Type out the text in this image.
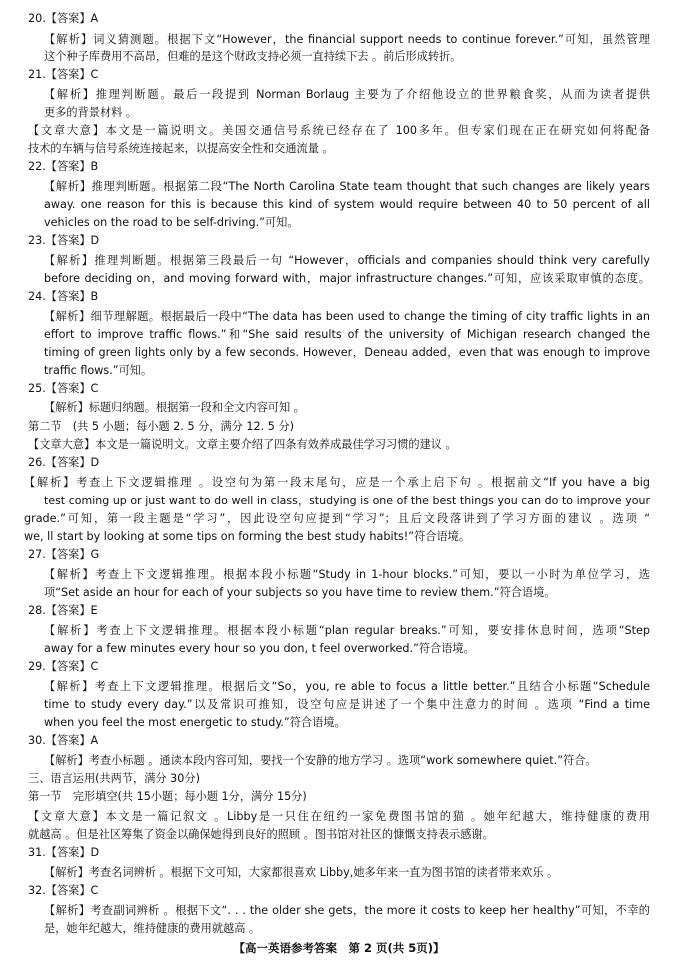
20.【答案】A
【解析】词义猜测题。根据下文“However，the financial support needs to continue forever.”可知，虽然管理
这个种子库费用不高昂，但难的是这个财政支持必须一直持续下去 。前后形成转折。
21.【答案】C
【解析】推理判断题。最后一段提到 Norman Borlaug 主要为了介绍他设立的世界粮食奖，从而为读者提供
更多的背景材料 。
【文章大意】本文是一篇说明文。美国交通信号系统已经存在了 100多年。但专家们现在正在研究如何将配备
技术的车辆与信号系统连接起来，以提高安全性和交通流量 。
22.【答案】B
【解析】推理判断题。根据第二段“The North Carolina State team thought that such changes are likely years
away. one reason for this is because this kind of system would require between 40 to 50 percent of all
vehicles on the road to be self-driving.”可知。
23.【答案】D
【解析】推理判断题。根据第三段最后一句 “However，officials and companies should think very carefully
before deciding on，and moving forward with，major infrastructure changes.”可知，应该采取审慎的态度。
24.【答案】B
【解析】细节理解题。根据最后一段中“The data has been used to change the timing of city traffic lights in an
effort to improve traffic flows.”和“She said results of the university of Michigan research changed the
timing of green lights only by a few seconds. However，Deneau added，even that was enough to improve
traffic flows.”可知。
25.【答案】C
【解析】标题归纳题。根据第一段和全文内容可知 。
第二节　(共 5 小题；每小题 2. 5 分，满分 12. 5 分)
【文章大意】本文是一篇说明文。文章主要介绍了四条有效养成最佳学习习惯的建议 。
26.【答案】D
【解析】考查上下文逻辑推理 。设空句为第一段末尾句，应是一个承上启下句 。根据前文“If you have a big
test coming up or just want to do well in class，studying is one of the best things you can do to improve your
grade.”可知，第一段主题是“学习”，因此设空句应提到“学习”；且后文段落讲到了学习方面的建议 。选项 “
we, ll start by looking at some tips on forming the best study habits!”符合语境。
27.【答案】G
【解析】考查上下文逻辑推理。根据本段小标题“Study in 1-hour blocks.”可知，要以一小时为单位学习，选
项“Set aside an hour for each of your subjects so you have time to review them.”符合语境。
28.【答案】E
【解析】考查上下文逻辑推理。根据本段小标题“plan regular breaks.”可知，要安排休息时间，选项“Step
away for a few minutes every hour so you don, t feel overworked.”符合语境。
29.【答案】C
【解析】考查上下文逻辑推理。根据后文“So，you, re able to focus a little better.”且结合小标题“Schedule
time to study every day.”以及常识可推知，设空句应是讲述了一个集中注意力的时间 。选项 “Find a time
when you feel the most energetic to study.”符合语境。
30.【答案】A
【解析】考查小标题 。通读本段内容可知，要找一个安静的地方学习 。选项“work somewhere quiet.”符合。
三、语言运用(共两节，满分 30分)
第一节　完形填空(共 15小题；每小题 1分，满分 15分)
【文章大意】本文是一篇记叙文 。Libby是一只住在纽约一家免费图书馆的猫 。她年纪越大，维持健康的费用
就越高 。但是社区筹集了资金以确保她得到良好的照顾 。图书馆对社区的慷慨支持表示感谢。
31.【答案】D
【解析】考查名词辨析 。根据下文可知，大家都很喜欢 Libby,她多年来一直为图书馆的读者带来欢乐 。
32.【答案】C
【解析】考查副词辨析 。根据下文“. . . the older she gets，the more it costs to keep her healthy”可知，不幸的
是，她年纪越大，维持健康的费用就越高 。
【高一英语参考答案　第 2 页(共 5页)】
